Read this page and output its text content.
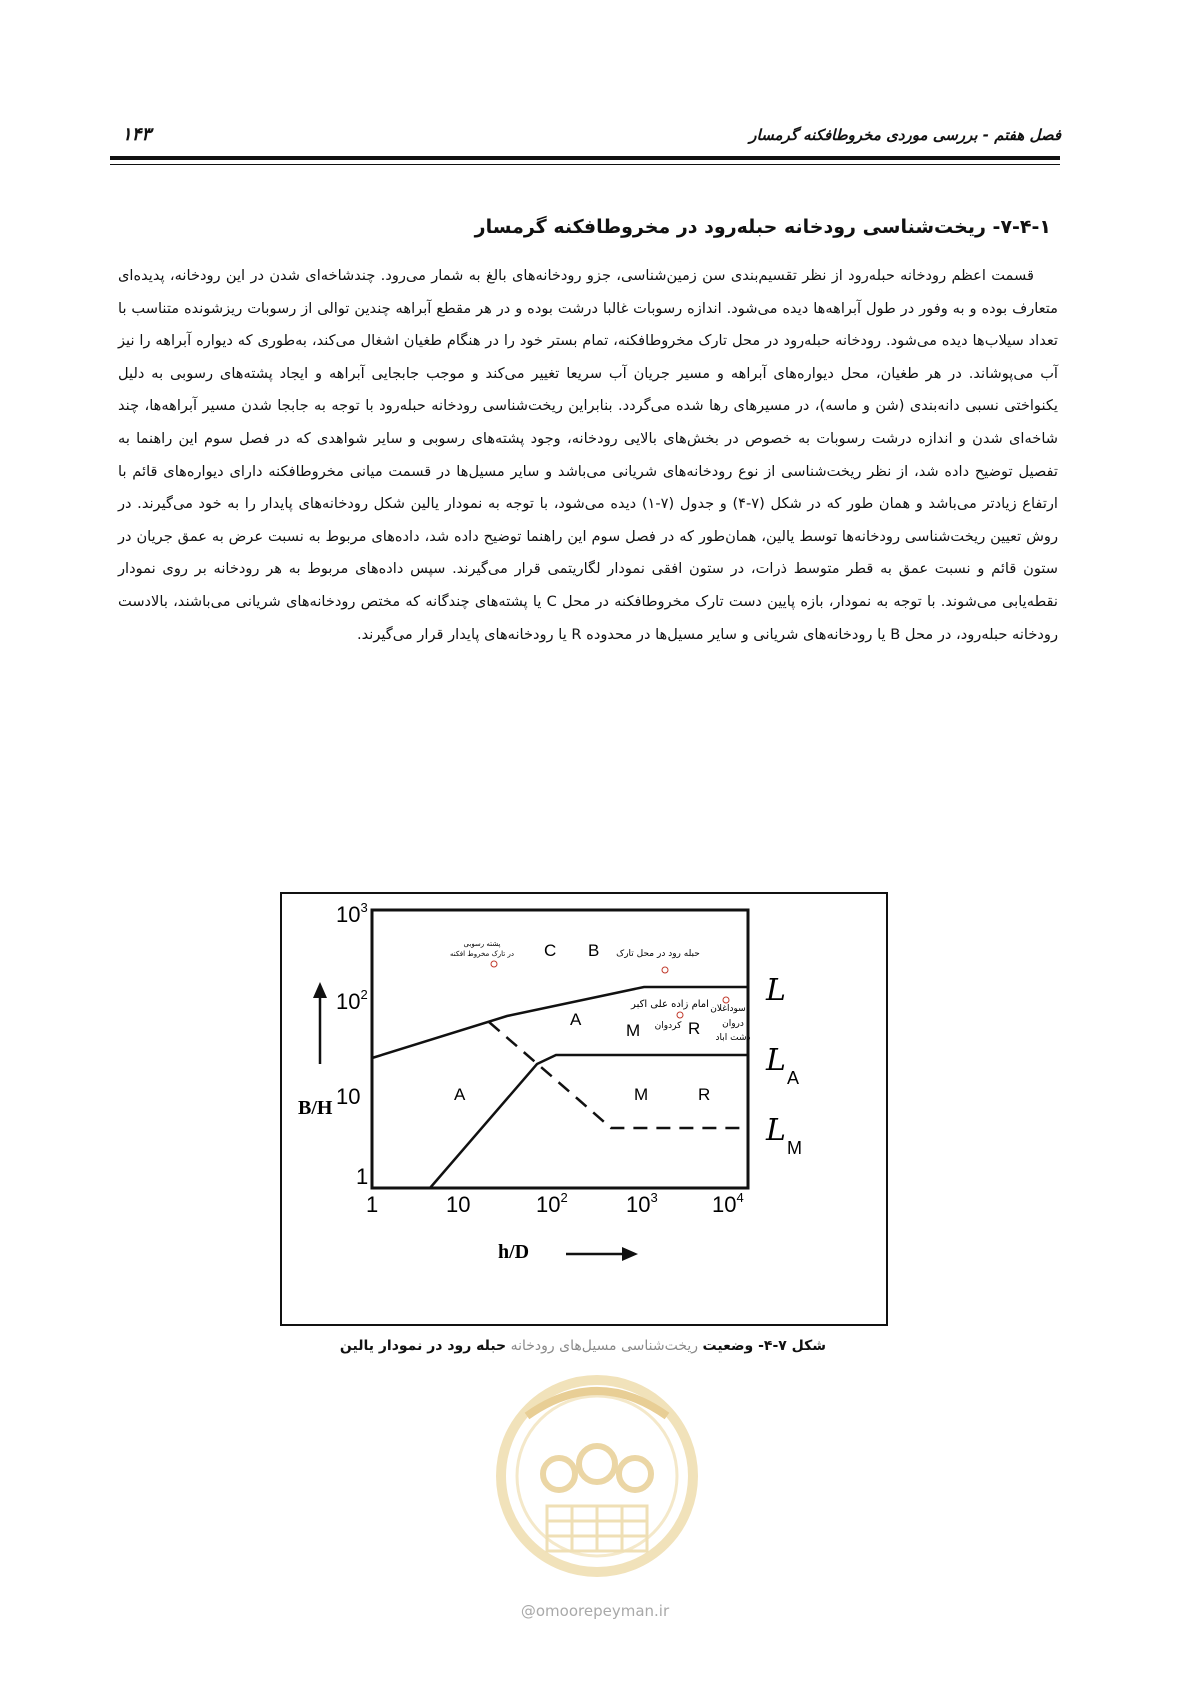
فصل هفتم - بررسی موردی مخروطافکنه گرمسار
۱۴۳
۷-۴-۱- ریخت‌شناسی رودخانه حبله‌رود در مخروطافکنه گرمسار
قسمت اعظم رودخانه حبله‌رود از نظر تقسیم‌بندی سن زمین‌شناسی، جزو رودخانه‌های بالغ به شمار می‌رود. چندشاخه‌ای شدن در این رودخانه، پدیده‌ای متعارف بوده و به وفور در طول آبراهه‌ها دیده می‌شود. اندازه رسوبات غالبا درشت بوده و در هر مقطع آبراهه چندین توالی از رسوبات ریزشونده متناسب با تعداد سیلاب‌ها دیده می‌شود. رودخانه حبله‌رود در محل تارک مخروطافکنه، تمام بستر خود را در هنگام طغیان اشغال می‌کند، به‌طوری که دیواره آبراهه را نیز آب می‌پوشاند. در هر طغیان، محل دیواره‌های آبراهه و مسیر جریان آب سریعا تغییر می‌کند و موجب جابجایی آبراهه و ایجاد پشته‌های رسوبی به دلیل یکنواختی نسبی دانه‌بندی (شن و ماسه)، در مسیرهای رها شده می‌گردد. بنابراین ریخت‌شناسی رودخانه حبله‌رود با توجه به جابجا شدن مسیر آبراهه‌ها، چند شاخه‌ای شدن و اندازه درشت رسوبات به خصوص در بخش‌های بالایی رودخانه، وجود پشته‌های رسوبی و سایر شواهدی که در فصل سوم این راهنما به تفصیل توضیح داده شد، از نظر ریخت‌شناسی از نوع رودخانه‌های شریانی می‌باشد و سایر مسیل‌ها در قسمت میانی مخروطافکنه دارای دیواره‌های قائم با ارتفاع زیادتر می‌باشد و همان طور که در شکل (۷-۴) و جدول (۷-۱) دیده می‌شود، با توجه به نمودار یالین شکل رودخانه‌های پایدار را به خود می‌گیرند. در روش تعیین ریخت‌شناسی رودخانه‌ها توسط یالین، همان‌طور که در فصل سوم این راهنما توضیح داده شد، داده‌های مربوط به نسبت عرض به عمق جریان در ستون قائم و نسبت عمق به قطر متوسط ذرات، در ستون افقی نمودار لگاریتمی قرار می‌گیرند. سپس داده‌های مربوط به هر رودخانه بر روی نمودار نقطه‌یابی می‌شوند. با توجه به نمودار، بازه پایین دست تارک مخروطافکنه در محل C یا پشته‌های چندگانه که مختص رودخانه‌های شریانی می‌باشند، بالادست رودخانه حبله‌رود، در محل B یا رودخانه‌های شریانی و سایر مسیل‌ها در محدوده R یا رودخانه‌های پایدار قرار می‌گیرند.
$10^3$
$10^2$
10
1
1	10	$10^2$	$10^3$ $10^4$
B/H
h/D
C B
A
M	R
A	M	R
پشته رسوبی
در تارک مخروط افکنه	حبله رود در محل تارک
امام زاده علی اکبر
کردوان
سوداغلان
دروان
دشت اباد
L
L A
L M
شکل ۷-۴- وضعیت ریخت‌شناسی مسیل‌های رودخانه حبله رود در نمودار یالین
@omoorepeyman.ir
